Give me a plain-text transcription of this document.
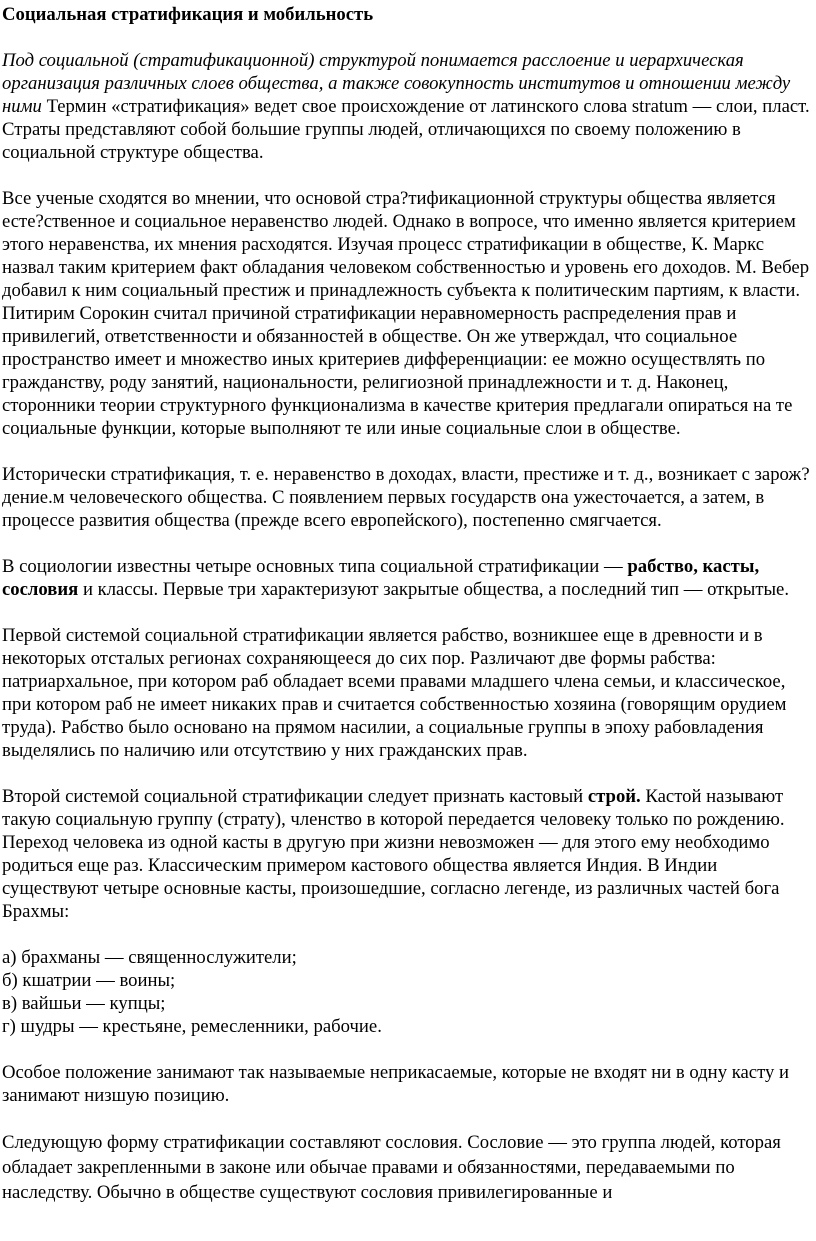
Социальная стратификация и мобильность

Под социальной (стратификационной) структурой понимается расслоение и иерархическая организация различных слоев общества, а также совокупность институтов и отношении между ними Термин «стратификация» ведет свое происхождение от латинского слова stratum — слои, пласт. Страты представляют собой большие группы людей, отличающихся по своему положению в социальной структуре общества.

Все ученые сходятся во мнении, что основой стра?тификационной структуры общества является есте?ственное и социальное неравенство людей. Однако в вопросе, что именно является критерием этого неравенства, их мнения расходятся. Изучая процесс стратификации в обществе, К. Маркс назвал таким критерием факт обладания человеком собственностью и уровень его доходов. М. Вебер добавил к ним социальный престиж и принадлежность субъекта к политическим партиям, к власти. Питирим Сорокин считал причиной стратификации неравномерность распределения прав и привилегий, ответственности и обязанностей в обществе. Он же утверждал, что социальное пространство имеет и множество иных критериев дифференциации: ее можно осуществлять по гражданству, роду занятий, национальности, религиозной принадлежности и т. д. Наконец, сторонники теории структурного функционализма в качестве критерия предлагали опираться на те социальные функции, которые выполняют те или иные социальные слои в обществе.

Исторически стратификация, т. е. неравенство в доходах, власти, престиже и т. д., возникает с зарож?дение.м человеческого общества. С появлением первых государств она ужесточается, а затем, в процессе развития общества (прежде всего европейского), постепенно смягчается.

В социологии известны четыре основных типа социальной стратификации — рабство, касты, сословия и классы. Первые три характеризуют закрытые общества, а последний тип — открытые.

Первой системой социальной стратификации является рабство, возникшее еще в древности и в некоторых отсталых регионах сохраняющееся до сих пор. Различают две формы рабства: патриархальное, при котором раб обладает всеми правами младшего члена семьи, и классическое, при котором раб не имеет никаких прав и считается собственностью хозяина (говорящим орудием труда). Рабство было основано на прямом насилии, а социальные группы в эпоху рабовладения выделялись по наличию или отсутствию у них гражданских прав.

Второй системой социальной стратификации следует признать кастовый строй. Кастой называют такую социальную группу (страту), членство в которой передается человеку только по рождению. Переход человека из одной касты в другую при жизни невозможен — для этого ему необходимо родиться еще раз. Классическим примером кастового общества является Индия. В Индии существуют четыре основные касты, произошедшие, согласно легенде, из различных частей бога Брахмы:

а) брахманы — священнослужители;

б) кшатрии — воины;

в) вайшьи — купцы;

г) шудры — крестьяне, ремесленники, рабочие.

Особое положение занимают так называемые неприкасаемые, которые не входят ни в одну касту и занимают низшую позицию.

Следующую форму стратификации составляют сословия. Сословие — это группа людей, которая обладает закрепленными в законе или обычае правами и обязанностями, передаваемыми по наследству. Обычно в обществе существуют сословия привилегированные и
